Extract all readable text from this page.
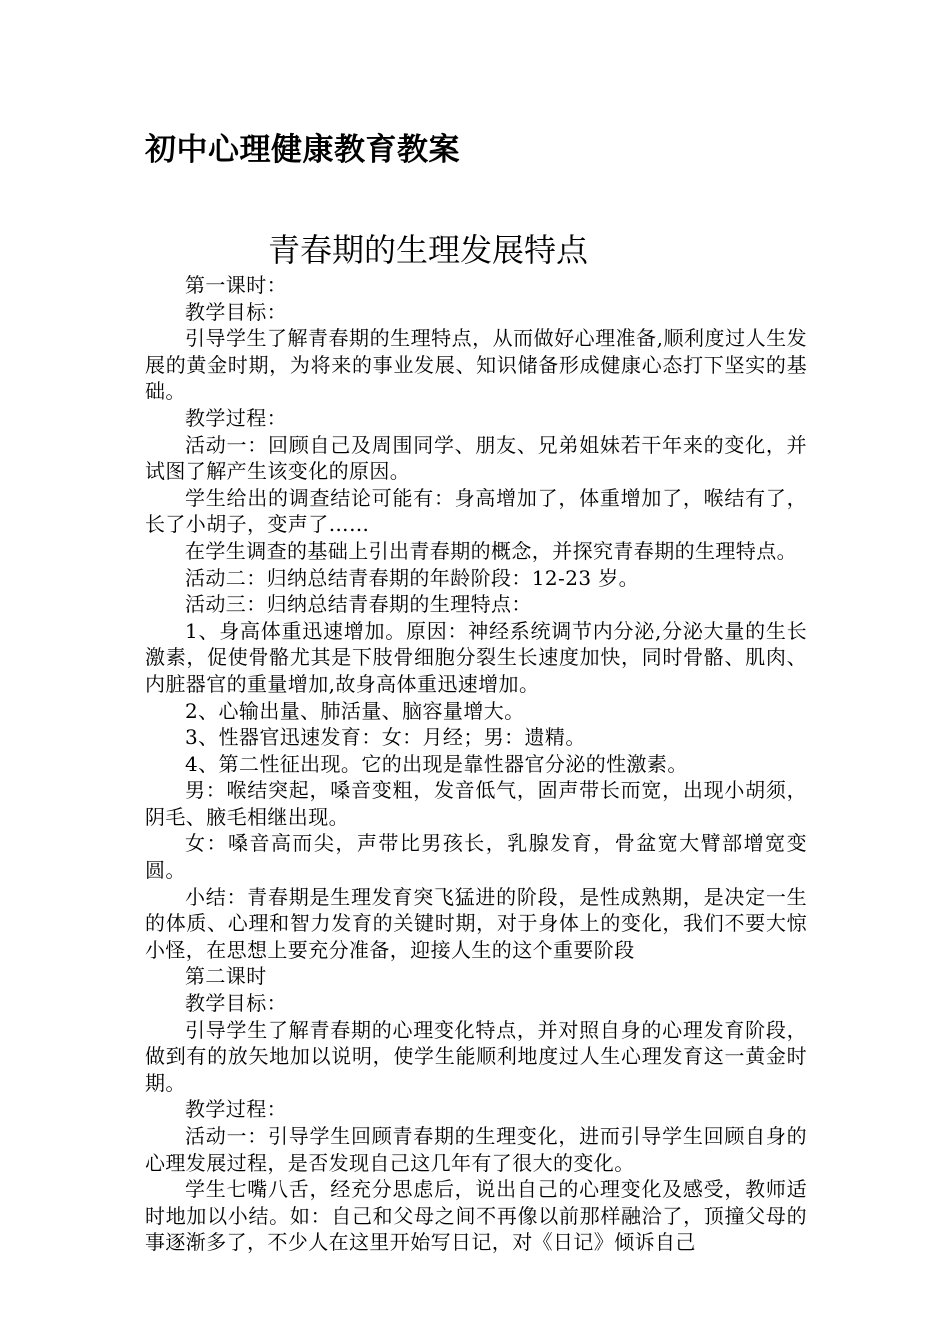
初中心理健康教育教案
青春期的生理发展特点

第一课时：

教学目标：

引导学生了解青春期的生理特点，从而做好心理准备,顺利度过人生发展的黄金时期，为将来的事业发展、知识储备形成健康心态打下坚实的基础。

教学过程：

活动一：回顾自己及周围同学、朋友、兄弟姐妹若干年来的变化，并试图了解产生该变化的原因。

学生给出的调查结论可能有：身高增加了，体重增加了，喉结有了，长了小胡子，变声了……

在学生调查的基础上引出青春期的概念，并探究青春期的生理特点。

活动二：归纳总结青春期的年龄阶段：12-23 岁。

活动三：归纳总结青春期的生理特点：

1、身高体重迅速增加。原因：神经系统调节内分泌,分泌大量的生长激素，促使骨骼尤其是下肢骨细胞分裂生长速度加快，同时骨骼、肌肉、内脏器官的重量增加,故身高体重迅速增加。

2、心输出量、肺活量、脑容量增大。

3、性器官迅速发育：女：月经；男：遗精。

4、第二性征出现。它的出现是靠性器官分泌的性激素。

男：喉结突起，嗓音变粗，发音低气，固声带长而宽，出现小胡须，阴毛、腋毛相继出现。

女：嗓音高而尖，声带比男孩长，乳腺发育，骨盆宽大臂部增宽变圆。

小结：青春期是生理发育突飞猛进的阶段，是性成熟期，是决定一生的体质、心理和智力发育的关键时期，对于身体上的变化，我们不要大惊小怪，在思想上要充分准备，迎接人生的这个重要阶段

第二课时

教学目标：

引导学生了解青春期的心理变化特点，并对照自身的心理发育阶段，做到有的放矢地加以说明，使学生能顺利地度过人生心理发育这一黄金时期。

教学过程：

活动一：引导学生回顾青春期的生理变化，进而引导学生回顾自身的心理发展过程，是否发现自己这几年有了很大的变化。

学生七嘴八舌，经充分思虑后，说出自己的心理变化及感受，教师适时地加以小结。如：自己和父母之间不再像以前那样融洽了，顶撞父母的事逐渐多了，不少人在这里开始写日记，对《日记》倾诉自己
